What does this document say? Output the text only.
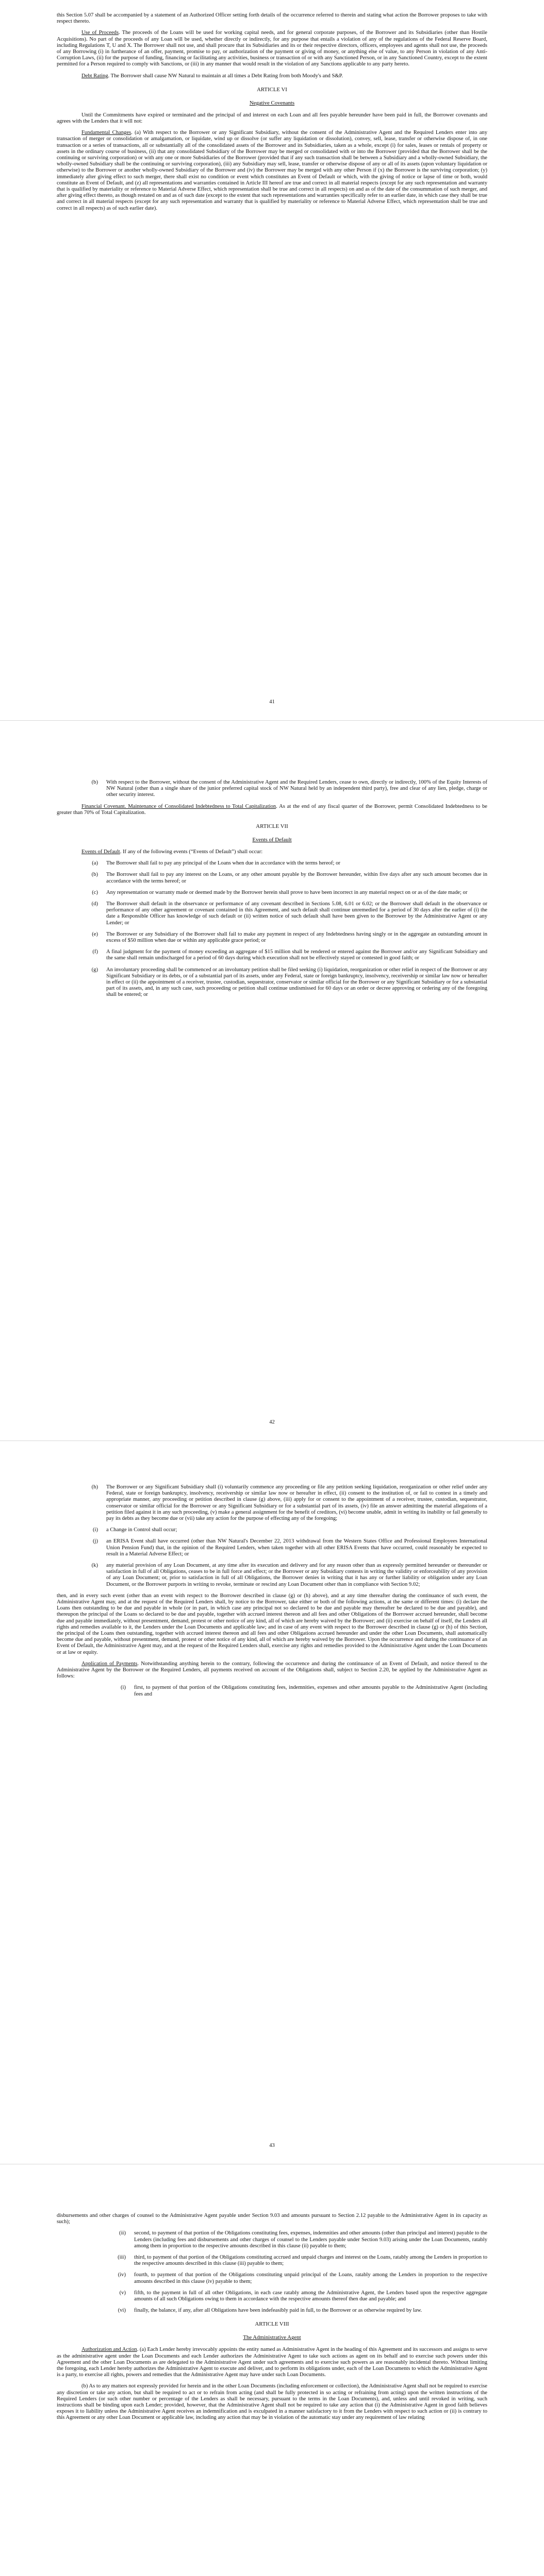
this Section 5.07 shall be accompanied by a statement of an Authorized Officer setting forth details of the occurrence referred to therein and stating what action the Borrower proposes to take with respect thereto.

Use of Proceeds. The proceeds of the Loans will be used for working capital needs, and for general corporate purposes, of the Borrower and its Subsidiaries (other than Hostile Acquisitions). No part of the proceeds of any Loan will be used, whether directly or indirectly, for any purpose that entails a violation of any of the regulations of the Federal Reserve Board, including Regulations T, U and X. The Borrower shall not use, and shall procure that its Subsidiaries and its or their respective directors, officers, employees and agents shall not use, the proceeds of any Borrowing (i) in furtherance of an offer, payment, promise to pay, or authorization of the payment or giving of money, or anything else of value, to any Person in violation of any Anti-Corruption Laws, (ii) for the purpose of funding, financing or facilitating any activities, business or transaction of or with any Sanctioned Person, or in any Sanctioned Country, except to the extent permitted for a Person required to comply with Sanctions, or (iii) in any manner that would result in the violation of any Sanctions applicable to any party hereto.

Debt Rating. The Borrower shall cause NW Natural to maintain at all times a Debt Rating from both Moody's and S&P.

ARTICLE VI
Negative Covenants

Until the Commitments have expired or terminated and the principal of and interest on each Loan and all fees payable hereunder have been paid in full, the Borrower covenants and agrees with the Lenders that it will not:

Fundamental Changes. (a) With respect to the Borrower or any Significant Subsidiary, without the consent of the Administrative Agent and the Required Lenders enter into any transaction of merger or consolidation or amalgamation, or liquidate, wind up or dissolve (or suffer any liquidation or dissolution), convey, sell, lease, transfer or otherwise dispose of, in one transaction or a series of transactions, all or substantially all of the consolidated assets of the Borrower and its Subsidiaries, taken as a whole, except (i) for sales, leases or rentals of property or assets in the ordinary course of business, (ii) that any consolidated Subsidiary of the Borrower may be merged or consolidated with or into the Borrower (provided that the Borrower shall be the continuing or surviving corporation) or with any one or more Subsidiaries of the Borrower (provided that if any such transaction shall be between a Subsidiary and a wholly-owned Subsidiary, the wholly-owned Subsidiary shall be the continuing or surviving corporation), (iii) any Subsidiary may sell, lease, transfer or otherwise dispose of any or all of its assets (upon voluntary liquidation or otherwise) to the Borrower or another wholly-owned Subsidiary of the Borrower and (iv) the Borrower may be merged with any other Person if (x) the Borrower is the surviving corporation; (y) immediately after giving effect to such merger, there shall exist no condition or event which constitutes an Event of Default or which, with the giving of notice or lapse of time or both, would constitute an Event of Default, and (z) all representations and warranties contained in Article III hereof are true and correct in all material respects (except for any such representation and warranty that is qualified by materiality or reference to Material Adverse Effect, which representation shall be true and correct in all respects) on and as of the date of the consummation of such merger, and after giving effect thereto, as though restated on and as of such date (except to the extent that such representations and warranties specifically refer to an earlier date, in which case they shall be true and correct in all material respects (except for any such representation and warranty that is qualified by materiality or reference to Material Adverse Effect, which representation shall be true and correct in all respects) as of such earlier date).

41
(b)	With respect to the Borrower, without the consent of the Administrative Agent and the Required Lenders, cease to own, directly or indirectly, 100% of the Equity Interests of NW Natural (other than a single share of the junior preferred capital stock of NW Natural held by an independent third party), free and clear of any lien, pledge, charge or other security interest.

Financial Covenant. Maintenance of Consolidated Indebtedness to Total Capitalization. As at the end of any fiscal quarter of the Borrower, permit Consolidated Indebtedness to be greater than 70% of Total Capitalization.

ARTICLE VII
Events of Default

Events of Default. If any of the following events (“Events of Default”) shall occur:

(a)	The Borrower shall fail to pay any principal of the Loans when due in accordance with the terms hereof; or
(b)	The Borrower shall fail to pay any interest on the Loans, or any other amount payable by the Borrower hereunder, within five days after any such amount becomes due in accordance with the terms hereof; or
(c)	Any representation or warranty made or deemed made by the Borrower herein shall prove to have been incorrect in any material respect on or as of the date made; or
(d)	The Borrower shall default in the observance or performance of any covenant described in Sections 5.08, 6.01 or 6.02; or the Borrower shall default in the observance or performance of any other agreement or covenant contained in this Agreement, and such default shall continue unremedied for a period of 30 days after the earlier of (i) the date a Responsible Officer has knowledge of such default or (ii) written notice of such default shall have been given to the Borrower by the Administrative Agent or any Lender; or
(e)	The Borrower or any Subsidiary of the Borrower shall fail to make any payment in respect of any Indebtedness having singly or in the aggregate an outstanding amount in excess of $50 million when due or within any applicable grace period; or
(f)	A final judgment for the payment of money exceeding an aggregate of $15 million shall be rendered or entered against the Borrower and/or any Significant Subsidiary and the same shall remain undischarged for a period of 60 days during which execution shall not be effectively stayed or contested in good faith; or
(g)	An involuntary proceeding shall be commenced or an involuntary petition shall be filed seeking (i) liquidation, reorganization or other relief in respect of the Borrower or any Significant Subsidiary or its debts, or of a substantial part of its assets, under any Federal, state or foreign bankruptcy, insolvency, receivership or similar law now or hereafter in effect or (ii) the appointment of a receiver, trustee, custodian, sequestrator, conservator or similar official for the Borrower or any Significant Subsidiary or for a substantial part of its assets, and, in any such case, such proceeding or petition shall continue undismissed for 60 days or an order or decree approving or ordering any of the foregoing shall be entered; or
42
(h)	The Borrower or any Significant Subsidiary shall (i) voluntarily commence any proceeding or file any petition seeking liquidation, reorganization or other relief under any Federal, state or foreign bankruptcy, insolvency, receivership or similar law now or hereafter in effect, (ii) consent to the institution of, or fail to contest in a timely and appropriate manner, any proceeding or petition described in clause (g) above, (iii) apply for or consent to the appointment of a receiver, trustee, custodian, sequestrator, conservator or similar official for the Borrower or any Significant Subsidiary or for a substantial part of its assets, (iv) file an answer admitting the material allegations of a petition filed against it in any such proceeding, (v) make a general assignment for the benefit of creditors, (vi) become unable, admit in writing its inability or fail generally to pay its debts as they become due or (vii) take any action for the purpose of effecting any of the foregoing;
(i)	a Change in Control shall occur;
(j)	an ERISA Event shall have occurred (other than NW Natural's December 22, 2013 withdrawal from the Western States Office and Professional Employees International Union Pension Fund) that, in the opinion of the Required Lenders, when taken together with all other ERISA Events that have occurred, could reasonably be expected to result in a Material Adverse Effect; or
(k)	any material provision of any Loan Document, at any time after its execution and delivery and for any reason other than as expressly permitted hereunder or thereunder or satisfaction in full of all Obligations, ceases to be in full force and effect; or the Borrower or any Subsidiary contests in writing the validity or enforceability of any provision of any Loan Document; or, prior to satisfaction in full of all Obligations, the Borrower denies in writing that it has any or further liability or obligation under any Loan Document, or the Borrower purports in writing to revoke, terminate or rescind any Loan Document other than in compliance with Section 9.02;

then, and in every such event (other than an event with respect to the Borrower described in clause (g) or (h) above), and at any time thereafter during the continuance of such event, the Administrative Agent may, and at the request of the Required Lenders shall, by notice to the Borrower, take either or both of the following actions, at the same or different times: (i) declare the Loans then outstanding to be due and payable in whole (or in part, in which case any principal not so declared to be due and payable may thereafter be declared to be due and payable), and thereupon the principal of the Loans so declared to be due and payable, together with accrued interest thereon and all fees and other Obligations of the Borrower accrued hereunder, shall become due and payable immediately, without presentment, demand, protest or other notice of any kind, all of which are hereby waived by the Borrower; and (ii) exercise on behalf of itself, the Lenders all rights and remedies available to it, the Lenders under the Loan Documents and applicable law; and in case of any event with respect to the Borrower described in clause (g) or (h) of this Section, the principal of the Loans then outstanding, together with accrued interest thereon and all fees and other Obligations accrued hereunder and under the other Loan Documents, shall automatically become due and payable, without presentment, demand, protest or other notice of any kind, all of which are hereby waived by the Borrower. Upon the occurrence and during the continuance of an Event of Default, the Administrative Agent may, and at the request of the Required Lenders shall, exercise any rights and remedies provided to the Administrative Agent under the Loan Documents or at law or equity.

Application of Payments. Notwithstanding anything herein to the contrary, following the occurrence and during the continuance of an Event of Default, and notice thereof to the Administrative Agent by the Borrower or the Required Lenders, all payments received on account of the Obligations shall, subject to Section 2.20, be applied by the Administrative Agent as follows:

(i)	first, to payment of that portion of the Obligations constituting fees, indemnities, expenses and other amounts payable to the Administrative Agent (including fees and
43

disbursements and other charges of counsel to the Administrative Agent payable under Section 9.03 and amounts pursuant to Section 2.12 payable to the Administrative Agent in its capacity as such);

(ii)	second, to payment of that portion of the Obligations constituting fees, expenses, indemnities and other amounts (other than principal and interest) payable to the Lenders (including fees and disbursements and other charges of counsel to the Lenders payable under Section 9.03) arising under the Loan Documents, ratably among them in proportion to the respective amounts described in this clause (ii) payable to them;
(iii)	third, to payment of that portion of the Obligations constituting accrued and unpaid charges and interest on the Loans, ratably among the Lenders in proportion to the respective amounts described in this clause (iii) payable to them;
(iv)	fourth, to payment of that portion of the Obligations constituting unpaid principal of the Loans, ratably among the Lenders in proportion to the respective amounts described in this clause (iv) payable to them;
(v)	fifth, to the payment in full of all other Obligations, in each case ratably among the Administrative Agent, the Lenders based upon the respective aggregate amounts of all such Obligations owing to them in accordance with the respective amounts thereof then due and payable; and
(vi)	finally, the balance, if any, after all Obligations have been indefeasibly paid in full, to the Borrower or as otherwise required by law.
ARTICLE VIII
The Administrative Agent

Authorization and Action. (a) Each Lender hereby irrevocably appoints the entity named as Administrative Agent in the heading of this Agreement and its successors and assigns to serve as the administrative agent under the Loan Documents and each Lender authorizes the Administrative Agent to take such actions as agent on its behalf and to exercise such powers under this Agreement and the other Loan Documents as are delegated to the Administrative Agent under such agreements and to exercise such powers as are reasonably incidental thereto. Without limiting the foregoing, each Lender hereby authorizes the Administrative Agent to execute and deliver, and to perform its obligations under, each of the Loan Documents to which the Administrative Agent is a party, to exercise all rights, powers and remedies that the Administrative Agent may have under such Loan Documents.

(b) As to any matters not expressly provided for herein and in the other Loan Documents (including enforcement or collection), the Administrative Agent shall not be required to exercise any discretion or take any action, but shall be required to act or to refrain from acting (and shall be fully protected in so acting or refraining from acting) upon the written instructions of the Required Lenders (or such other number or percentage of the Lenders as shall be necessary, pursuant to the terms in the Loan Documents), and, unless and until revoked in writing, such instructions shall be binding upon each Lender; provided, however, that the Administrative Agent shall not be required to take any action that (i) the Administrative Agent in good faith believes exposes it to liability unless the Administrative Agent receives an indemnification and is exculpated in a manner satisfactory to it from the Lenders with respect to such action or (ii) is contrary to this Agreement or any other Loan Document or applicable law, including any action that may be in violation of the automatic stay under any requirement of law relating
